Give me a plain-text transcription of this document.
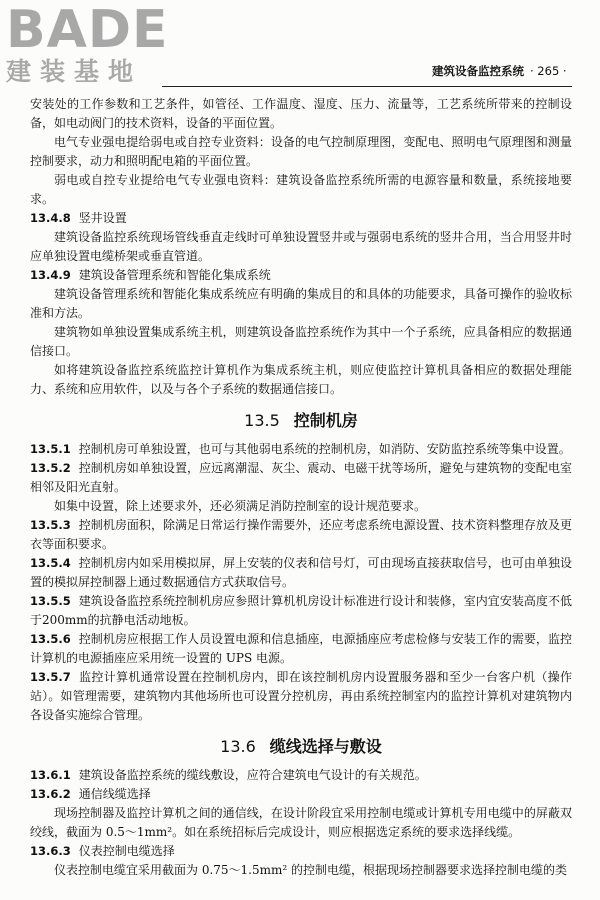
BADE
建装基地	建筑设备监控系统 · 265 ·

安装处的工作参数和工艺条件，如管径、工作温度、湿度、压力、流量等，工艺系统所带来的控制设备，如电动阀门的技术资料，设备的平面位置。

电气专业强电提给弱电或自控专业资料：设备的电气控制原理图，变配电、照明电气原理图和测量控制要求，动力和照明配电箱的平面位置。

弱电或自控专业提给电气专业强电资料：建筑设备监控系统所需的电源容量和数量，系统接地要求。

13.4.8 竖井设置

建筑设备监控系统现场管线垂直走线时可单独设置竖井或与强弱电系统的竖井合用，当合用竖井时应单独设置电缆桥架或垂直管道。

13.4.9 建筑设备管理系统和智能化集成系统

建筑设备管理系统和智能化集成系统应有明确的集成目的和具体的功能要求，具备可操作的验收标准和方法。

建筑物如单独设置集成系统主机，则建筑设备监控系统作为其中一个子系统，应具备相应的数据通信接口。

如将建筑设备监控系统监控计算机作为集成系统主机，则应使监控计算机具备相应的数据处理能力、系统和应用软件，以及与各个子系统的数据通信接口。

13.5 控制机房

13.5.1 控制机房可单独设置，也可与其他弱电系统的控制机房，如消防、安防监控系统等集中设置。

13.5.2 控制机房如单独设置，应远离潮湿、灰尘、震动、电磁干扰等场所，避免与建筑物的变配电室相邻及阳光直射。

如集中设置，除上述要求外，还必须满足消防控制室的设计规范要求。

13.5.3 控制机房面积，除满足日常运行操作需要外，还应考虑系统电源设置、技术资料整理存放及更衣等面积要求。

13.5.4 控制机房内如采用模拟屏，屏上安装的仪表和信号灯，可由现场直接获取信号，也可由单独设置的模拟屏控制器上通过数据通信方式获取信号。

13.5.5 建筑设备监控系统控制机房应参照计算机机房设计标准进行设计和装修，室内宜安装高度不低于200mm的抗静电活动地板。

13.5.6 控制机房应根据工作人员设置电源和信息插座，电源插座应考虑检修与安装工作的需要，监控计算机的电源插座应采用统一设置的 UPS 电源。

13.5.7 监控计算机通常设置在控制机房内，即在该控制机房内设置服务器和至少一台客户机（操作站）。如管理需要，建筑物内其他场所也可设置分控机房，再由系统控制室内的监控计算机对建筑物内各设备实施综合管理。

13.6 缆线选择与敷设

13.6.1 建筑设备监控系统的缆线敷设，应符合建筑电气设计的有关规范。

13.6.2 通信线缆选择

现场控制器及监控计算机之间的通信线，在设计阶段宜采用控制电缆或计算机专用电缆中的屏蔽双绞线，截面为 0.5～1mm²。如在系统招标后完成设计，则应根据选定系统的要求选择线缆。

13.6.3 仪表控制电缆选择

仪表控制电缆宜采用截面为 0.75～1.5mm² 的控制电缆，根据现场控制器要求选择控制电缆的类
